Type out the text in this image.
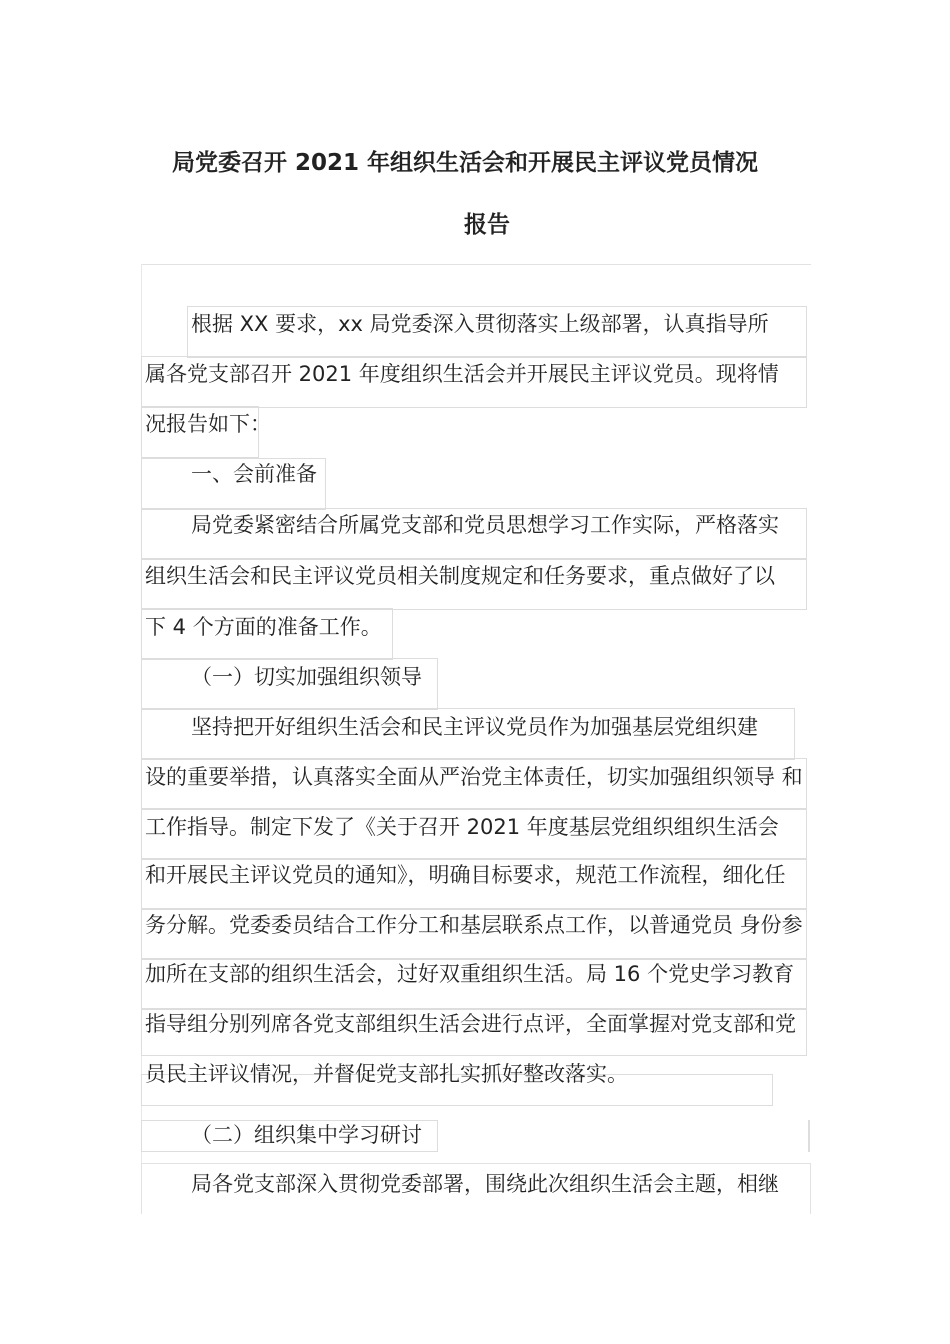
局党委召开 2021 年组织生活会和开展民主评议党员情况
报告
根据 XX 要求，xx 局党委深入贯彻落实上级部署，认真指导所
属各党支部召开 2021 年度组织生活会并开展民主评议党员。现将情
况报告如下：
一、会前准备
局党委紧密结合所属党支部和党员思想学习工作实际，严格落实
组织生活会和民主评议党员相关制度规定和任务要求，重点做好了以
下 4 个方面的准备工作。
（一）切实加强组织领导
坚持把开好组织生活会和民主评议党员作为加强基层党组织建
设的重要举措，认真落实全面从严治党主体责任，切实加强组织领导 和
工作指导。制定下发了《关于召开 2021 年度基层党组织组织生活会
和开展民主评议党员的通知》，明确目标要求，规范工作流程，细化任
务分解。党委委员结合工作分工和基层联系点工作，以普通党员 身份参
加所在支部的组织生活会，过好双重组织生活。局 16 个党史学习教育
指导组分别列席各党支部组织生活会进行点评，全面掌握对党支部和党
员民主评议情况，并督促党支部扎实抓好整改落实。
（二）组织集中学习研讨
局各党支部深入贯彻党委部署，围绕此次组织生活会主题，相继
